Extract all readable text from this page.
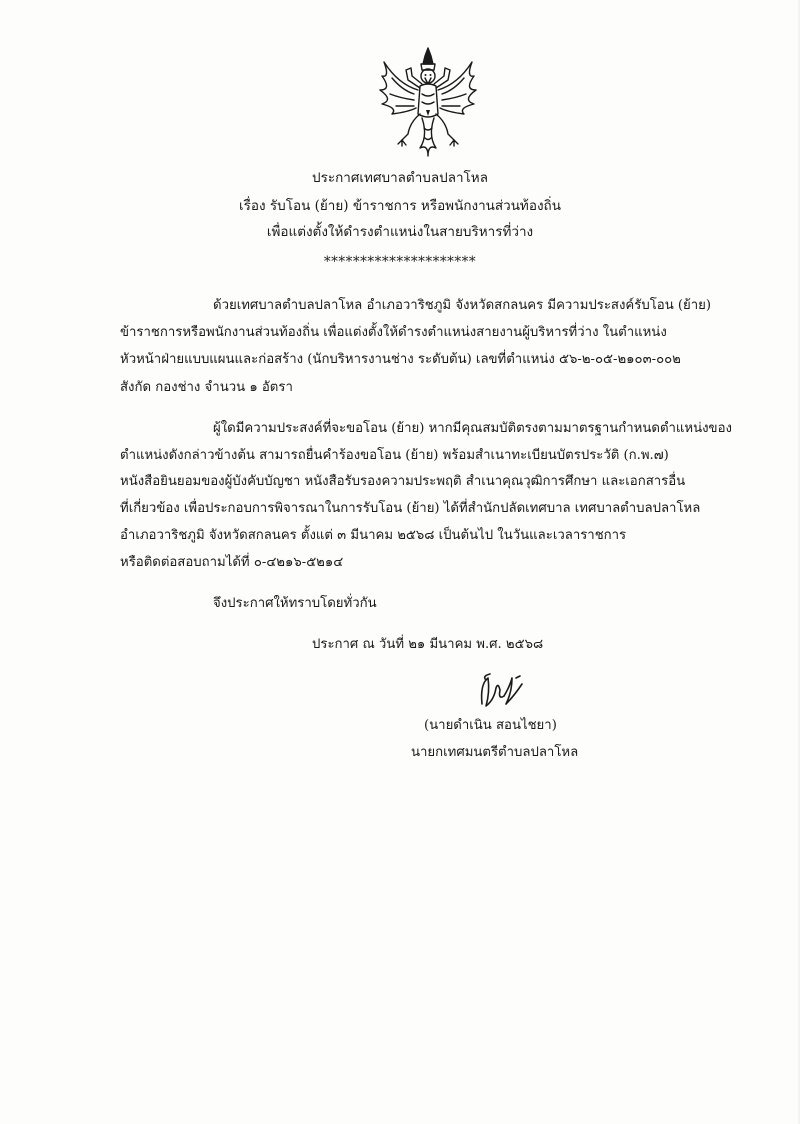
ประกาศเทศบาลตำบลปลาโหล
เรื่อง รับโอน (ย้าย) ข้าราชการ หรือพนักงานส่วนท้องถิ่น
เพื่อแต่งตั้งให้ดำรงตำแหน่งในสายบริหารที่ว่าง
*********************
ด้วยเทศบาลตำบลปลาโหล อำเภอวาริชภูมิ จังหวัดสกลนคร มีความประสงค์รับโอน (ย้าย)
ข้าราชการหรือพนักงานส่วนท้องถิ่น เพื่อแต่งตั้งให้ดำรงตำแหน่งสายงานผู้บริหารที่ว่าง ในตำแหน่ง
หัวหน้าฝ่ายแบบแผนและก่อสร้าง (นักบริหารงานช่าง ระดับต้น) เลขที่ตำแหน่ง ๕๖-๒-๐๕-๒๑๐๓-๐๐๒
สังกัด กองช่าง จำนวน ๑ อัตรา
ผู้ใดมีความประสงค์ที่จะขอโอน (ย้าย) หากมีคุณสมบัติตรงตามมาตรฐานกำหนดตำแหน่งของ
ตำแหน่งดังกล่าวข้างต้น สามารถยื่นคำร้องขอโอน (ย้าย) พร้อมสำเนาทะเบียนบัตรประวัติ (ก.พ.๗)
หนังสือยินยอมของผู้บังคับบัญชา หนังสือรับรองความประพฤติ สำเนาคุณวุฒิการศึกษา และเอกสารอื่น
ที่เกี่ยวข้อง เพื่อประกอบการพิจารณาในการรับโอน (ย้าย) ได้ที่สำนักปลัดเทศบาล เทศบาลตำบลปลาโหล
อำเภอวาริชภูมิ จังหวัดสกลนคร ตั้งแต่ ๓ มีนาคม ๒๕๖๘ เป็นต้นไป ในวันและเวลาราชการ
หรือติดต่อสอบถามได้ที่ ๐-๔๒๑๖-๕๒๑๔
จึงประกาศให้ทราบโดยทั่วกัน
ประกาศ ณ วันที่ ๒๑ มีนาคม พ.ศ. ๒๕๖๘
(นายดำเนิน สอนไชยา)
นายกเทศมนตรีตำบลปลาโหล
